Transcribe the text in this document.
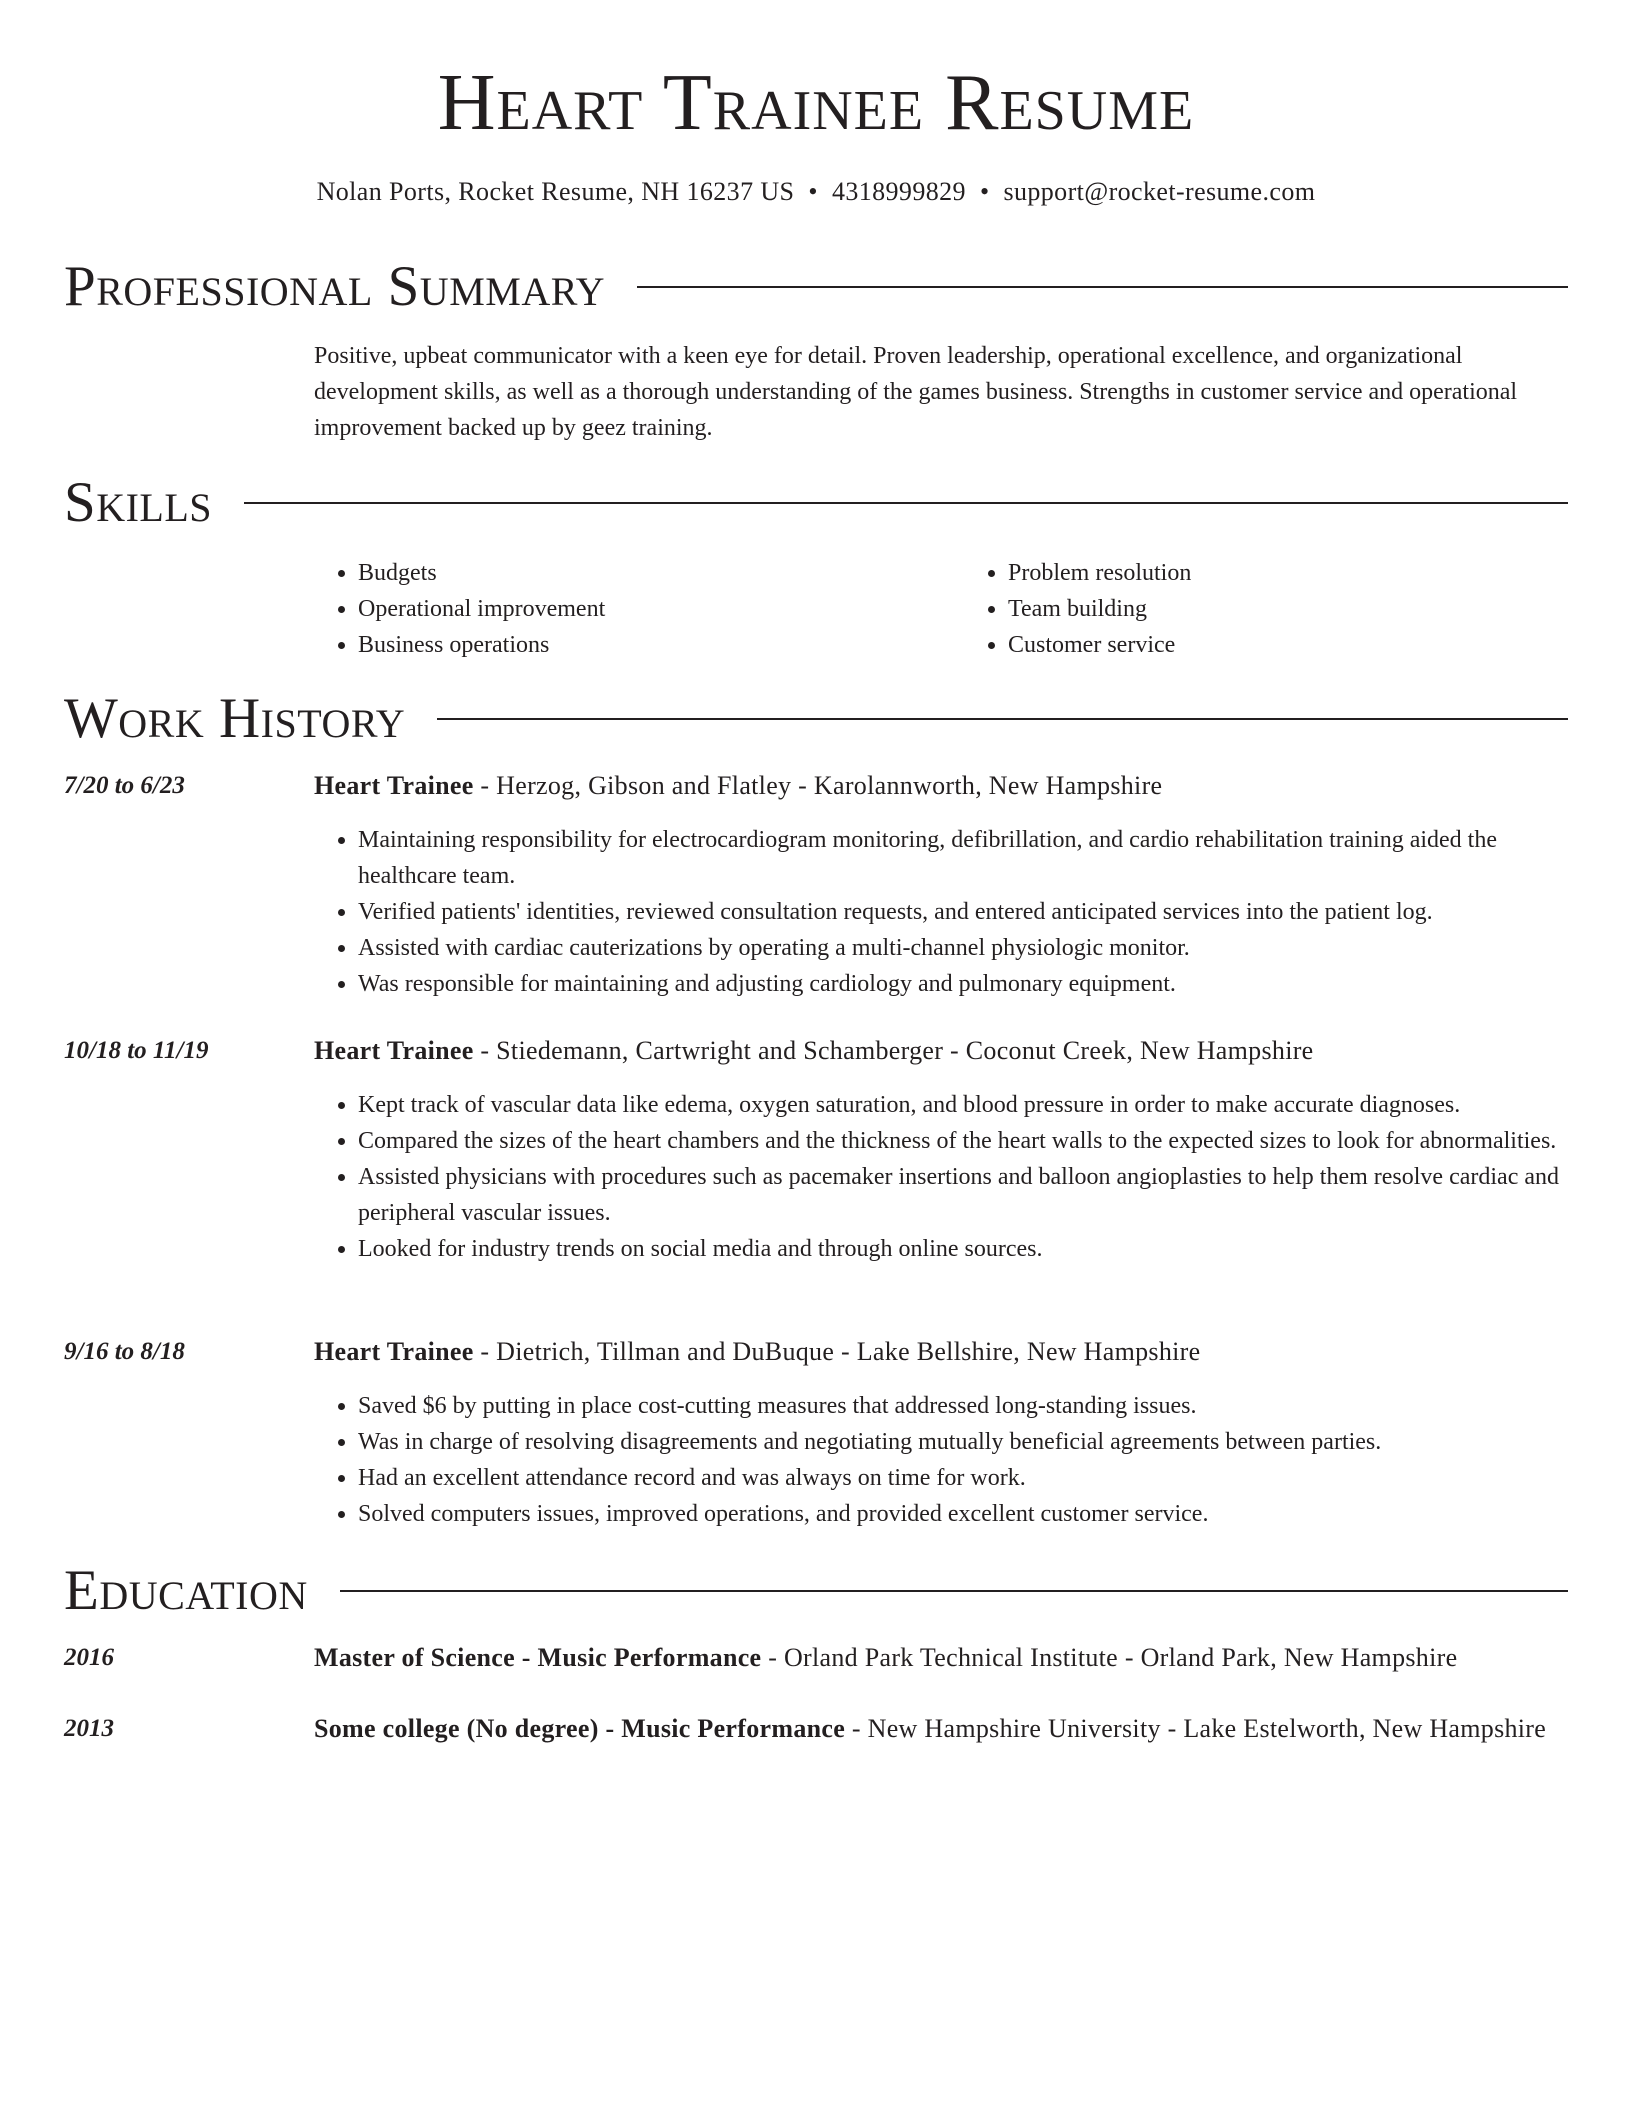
Heart Trainee Resume
Nolan Ports, Rocket Resume, NH 16237 US • 4318999829 • support@rocket-resume.com
Professional Summary
Positive, upbeat communicator with a keen eye for detail. Proven leadership, operational excellence, and organizational development skills, as well as a thorough understanding of the games business. Strengths in customer service and operational improvement backed up by geez training.
Skills
• Budgets
• Operational improvement
• Business operations
• Problem resolution
• Team building
• Customer service
Work History
7/20 to 6/23	Heart Trainee - Herzog, Gibson and Flatley - Karolannworth, New Hampshire
• Maintaining responsibility for electrocardiogram monitoring, defibrillation, and cardio rehabilitation training aided the healthcare team.
• Verified patients' identities, reviewed consultation requests, and entered anticipated services into the patient log.
• Assisted with cardiac cauterizations by operating a multi-channel physiologic monitor.
• Was responsible for maintaining and adjusting cardiology and pulmonary equipment.
10/18 to 11/19	Heart Trainee - Stiedemann, Cartwright and Schamberger - Coconut Creek, New Hampshire
• Kept track of vascular data like edema, oxygen saturation, and blood pressure in order to make accurate diagnoses.
• Compared the sizes of the heart chambers and the thickness of the heart walls to the expected sizes to look for abnormalities.
• Assisted physicians with procedures such as pacemaker insertions and balloon angioplasties to help them resolve cardiac and peripheral vascular issues.
• Looked for industry trends on social media and through online sources.
9/16 to 8/18	Heart Trainee - Dietrich, Tillman and DuBuque - Lake Bellshire, New Hampshire
• Saved $6 by putting in place cost-cutting measures that addressed long-standing issues.
• Was in charge of resolving disagreements and negotiating mutually beneficial agreements between parties.
• Had an excellent attendance record and was always on time for work.
• Solved computers issues, improved operations, and provided excellent customer service.
Education
2016	Master of Science - Music Performance - Orland Park Technical Institute - Orland Park, New Hampshire
2013	Some college (No degree) - Music Performance - New Hampshire University - Lake Estelworth, New Hampshire
